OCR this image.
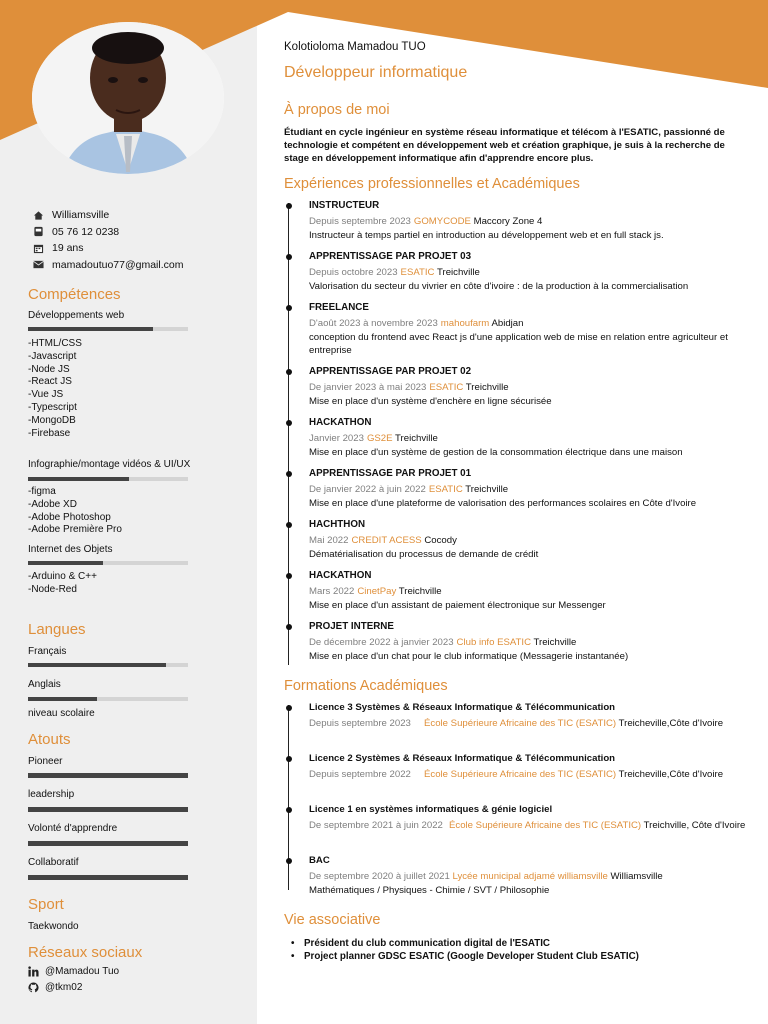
Williamsville
05 76 12 0238
19 ans
mamadoutuo77@gmail.com
Compétences
Développements web
-HTML/CSS
-Javascript
-Node JS
-React JS
-Vue JS
-Typescript
-MongoDB
-Firebase
Infographie/montage vidéos & UI/UX
-figma
-Adobe XD
-Adobe Photoshop
-Adobe Première Pro
Internet des Objets
-Arduino & C++
-Node-Red
Langues
Français
Anglais
niveau scolaire
Atouts
Pioneer
leadership
Volonté d'apprendre
Collaboratif
Sport
Taekwondo
Réseaux sociaux
@Mamadou Tuo
@tkm02
Kolotioloma Mamadou TUO
Développeur informatique
À propos de moi
Étudiant en cycle ingénieur en système réseau informatique et télécom à l'ESATIC, passionné de technologie et compétent en développement web et création graphique, je suis à la recherche de stage en développement informatique afin d'apprendre encore plus.
Expériences professionnelles et Académiques
INSTRUCTEUR
Depuis septembre 2023 GOMYCODE Maccory Zone 4
Instructeur à temps partiel en introduction au développement web et en full stack js.
APPRENTISSAGE PAR PROJET 03
Depuis octobre 2023 ESATIC Treichville
Valorisation du secteur du vivrier en côte d'ivoire : de la production à la commercialisation
FREELANCE
D'août 2023 à novembre 2023 mahoufarm Abidjan
conception du frontend avec React js d'une application web de mise en relation entre agriculteur et entreprise
APPRENTISSAGE PAR PROJET 02
De janvier 2023 à mai 2023 ESATIC Treichville
Mise en place d'un système d'enchère en ligne sécurisée
HACKATHON
Janvier 2023 GS2E Treichville
Mise en place d'un système de gestion de la consommation électrique dans une maison
APPRENTISSAGE PAR PROJET 01
De janvier 2022 à juin 2022 ESATIC Treichville
Mise en place d'une plateforme de valorisation des performances scolaires en Côte d'Ivoire
HACHTHON
Mai 2022 CREDIT ACESS Cocody
Dématérialisation du processus de demande de crédit
HACKATHON
Mars 2022 CinetPay Treichville
Mise en place d'un assistant de paiement électronique sur Messenger
PROJET INTERNE
De décembre 2022 à janvier 2023 Club info ESATIC Treichville
Mise en place d'un chat pour le club informatique (Messagerie instantanée)
Formations Académiques
Licence 3 Systèmes & Réseaux Informatique & Télécommunication
Depuis septembre 2023	École Supérieure Africaine des TIC (ESATIC) Treicheville,Côte d'Ivoire
Licence 2 Systèmes & Réseaux Informatique & Télécommunication
Depuis septembre 2022	École Supérieure Africaine des TIC (ESATIC) Treicheville,Côte d'Ivoire
Licence 1 en systèmes informatiques & génie logiciel
De septembre 2021 à juin 2022 École Supérieure Africaine des TIC (ESATIC) Treichville, Côte d'Ivoire
BAC
De septembre 2020 à juillet 2021 Lycée municipal adjamé williamsville Williamsville
Mathématiques / Physiques - Chimie / SVT / Philosophie
Vie associative
• Président du club communication digital de l'ESATIC
• Project planner GDSC ESATIC (Google Developer Student Club ESATIC)
